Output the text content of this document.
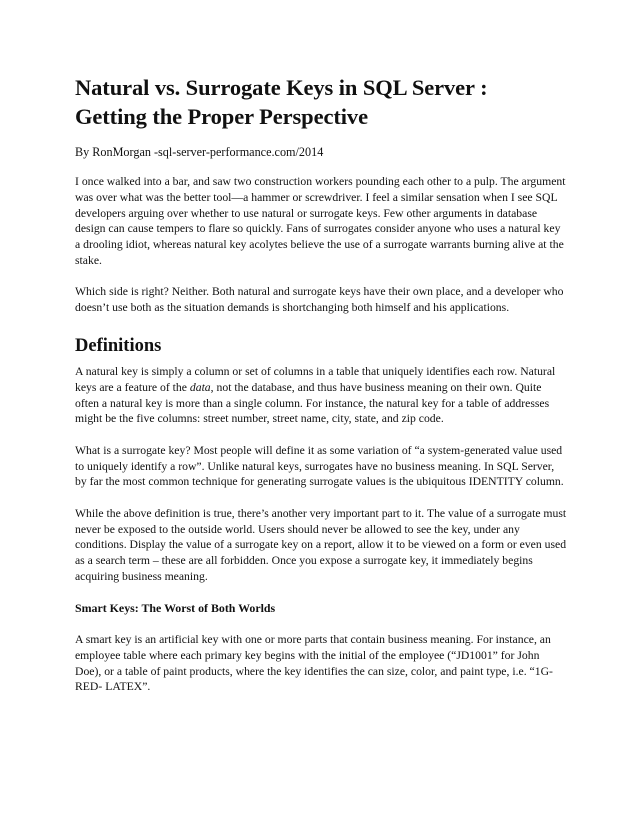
Natural vs. Surrogate Keys in SQL Server :
Getting the Proper Perspective

By RonMorgan -sql-server-performance.com/2014

I once walked into a bar, and saw two construction workers pounding each other to a pulp. The argument was over what was the better tool—a hammer or screwdriver. I feel a similar sensation when I see SQL developers arguing over whether to use natural or surrogate keys. Few other arguments in database design can cause tempers to flare so quickly. Fans of surrogates consider anyone who uses a natural key a drooling idiot, whereas natural key acolytes believe the use of a surrogate warrants burning alive at the stake.

Which side is right? Neither. Both natural and surrogate keys have their own place, and a developer who doesn’t use both as the situation demands is shortchanging both himself and his applications.

Definitions

A natural key is simply a column or set of columns in a table that uniquely identifies each row. Natural keys are a feature of the data, not the database, and thus have business meaning on their own. Quite often a natural key is more than a single column. For instance, the natural key for a table of addresses might be the five columns: street number, street name, city, state, and zip code.

What is a surrogate key? Most people will define it as some variation of “a system-generated value used to uniquely identify a row”. Unlike natural keys, surrogates have no business meaning. In SQL Server, by far the most common technique for generating surrogate values is the ubiquitous IDENTITY column.

While the above definition is true, there’s another very important part to it. The value of a surrogate must never be exposed to the outside world. Users should never be allowed to see the key, under any conditions. Display the value of a surrogate key on a report, allow it to be viewed on a form or even used as a search term – these are all forbidden. Once you expose a surrogate key, it immediately begins acquiring business meaning.

Smart Keys: The Worst of Both Worlds

A smart key is an artificial key with one or more parts that contain business meaning. For instance, an employee table where each primary key begins with the initial of the employee (“JD1001” for John Doe), or a table of paint products, where the key identifies the can size, color, and paint type, i.e. “1G-RED- LATEX”.
